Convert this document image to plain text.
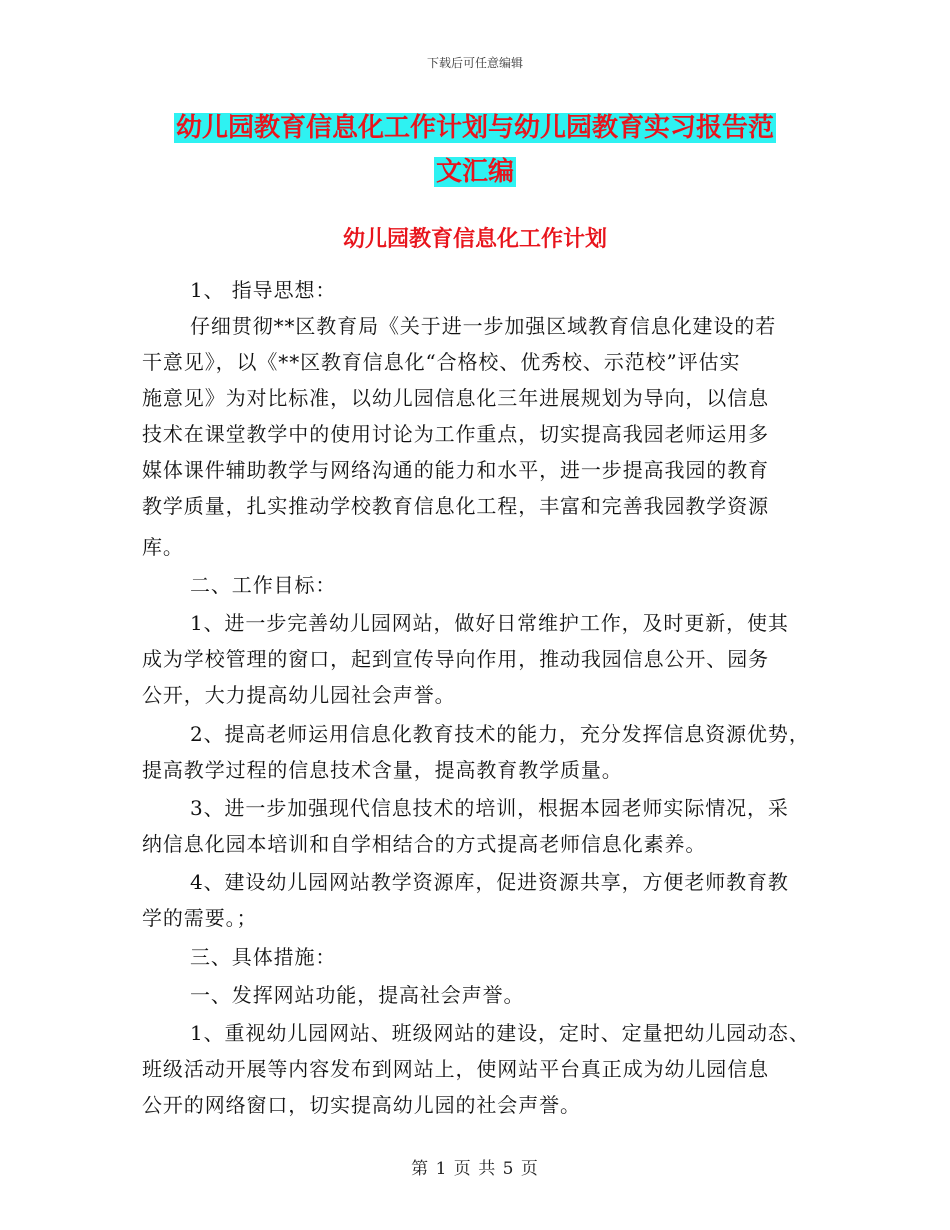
下载后可任意编辑
幼儿园教育信息化工作计划与幼儿园教育实习报告范
文汇编
幼儿园教育信息化工作计划
1、 指导思想：
仔细贯彻**区教育局《关于进一步加强区域教育信息化建设的若
干意见》，以《**区教育信息化“合格校、优秀校、示范校”评估实
施意见》为对比标准，以幼儿园信息化三年进展规划为导向，以信息
技术在课堂教学中的使用讨论为工作重点，切实提高我园老师运用多
媒体课件辅助教学与网络沟通的能力和水平，进一步提高我园的教育
教学质量，扎实推动学校教育信息化工程，丰富和完善我园教学资源
库。
二、工作目标：
1、进一步完善幼儿园网站，做好日常维护工作，及时更新，使其
成为学校管理的窗口，起到宣传导向作用，推动我园信息公开、园务
公开，大力提高幼儿园社会声誉。
2、提高老师运用信息化教育技术的能力，充分发挥信息资源优势，
提高教学过程的信息技术含量，提高教育教学质量。
3、进一步加强现代信息技术的培训，根据本园老师实际情况，采
纳信息化园本培训和自学相结合的方式提高老师信息化素养。
4、建设幼儿园网站教学资源库，促进资源共享，方便老师教育教
学的需要。；
三、具体措施：
一、发挥网站功能，提高社会声誉。
1、重视幼儿园网站、班级网站的建设，定时、定量把幼儿园动态、
班级活动开展等内容发布到网站上，使网站平台真正成为幼儿园信息
公开的网络窗口，切实提高幼儿园的社会声誉。
第 1 页 共 5 页
